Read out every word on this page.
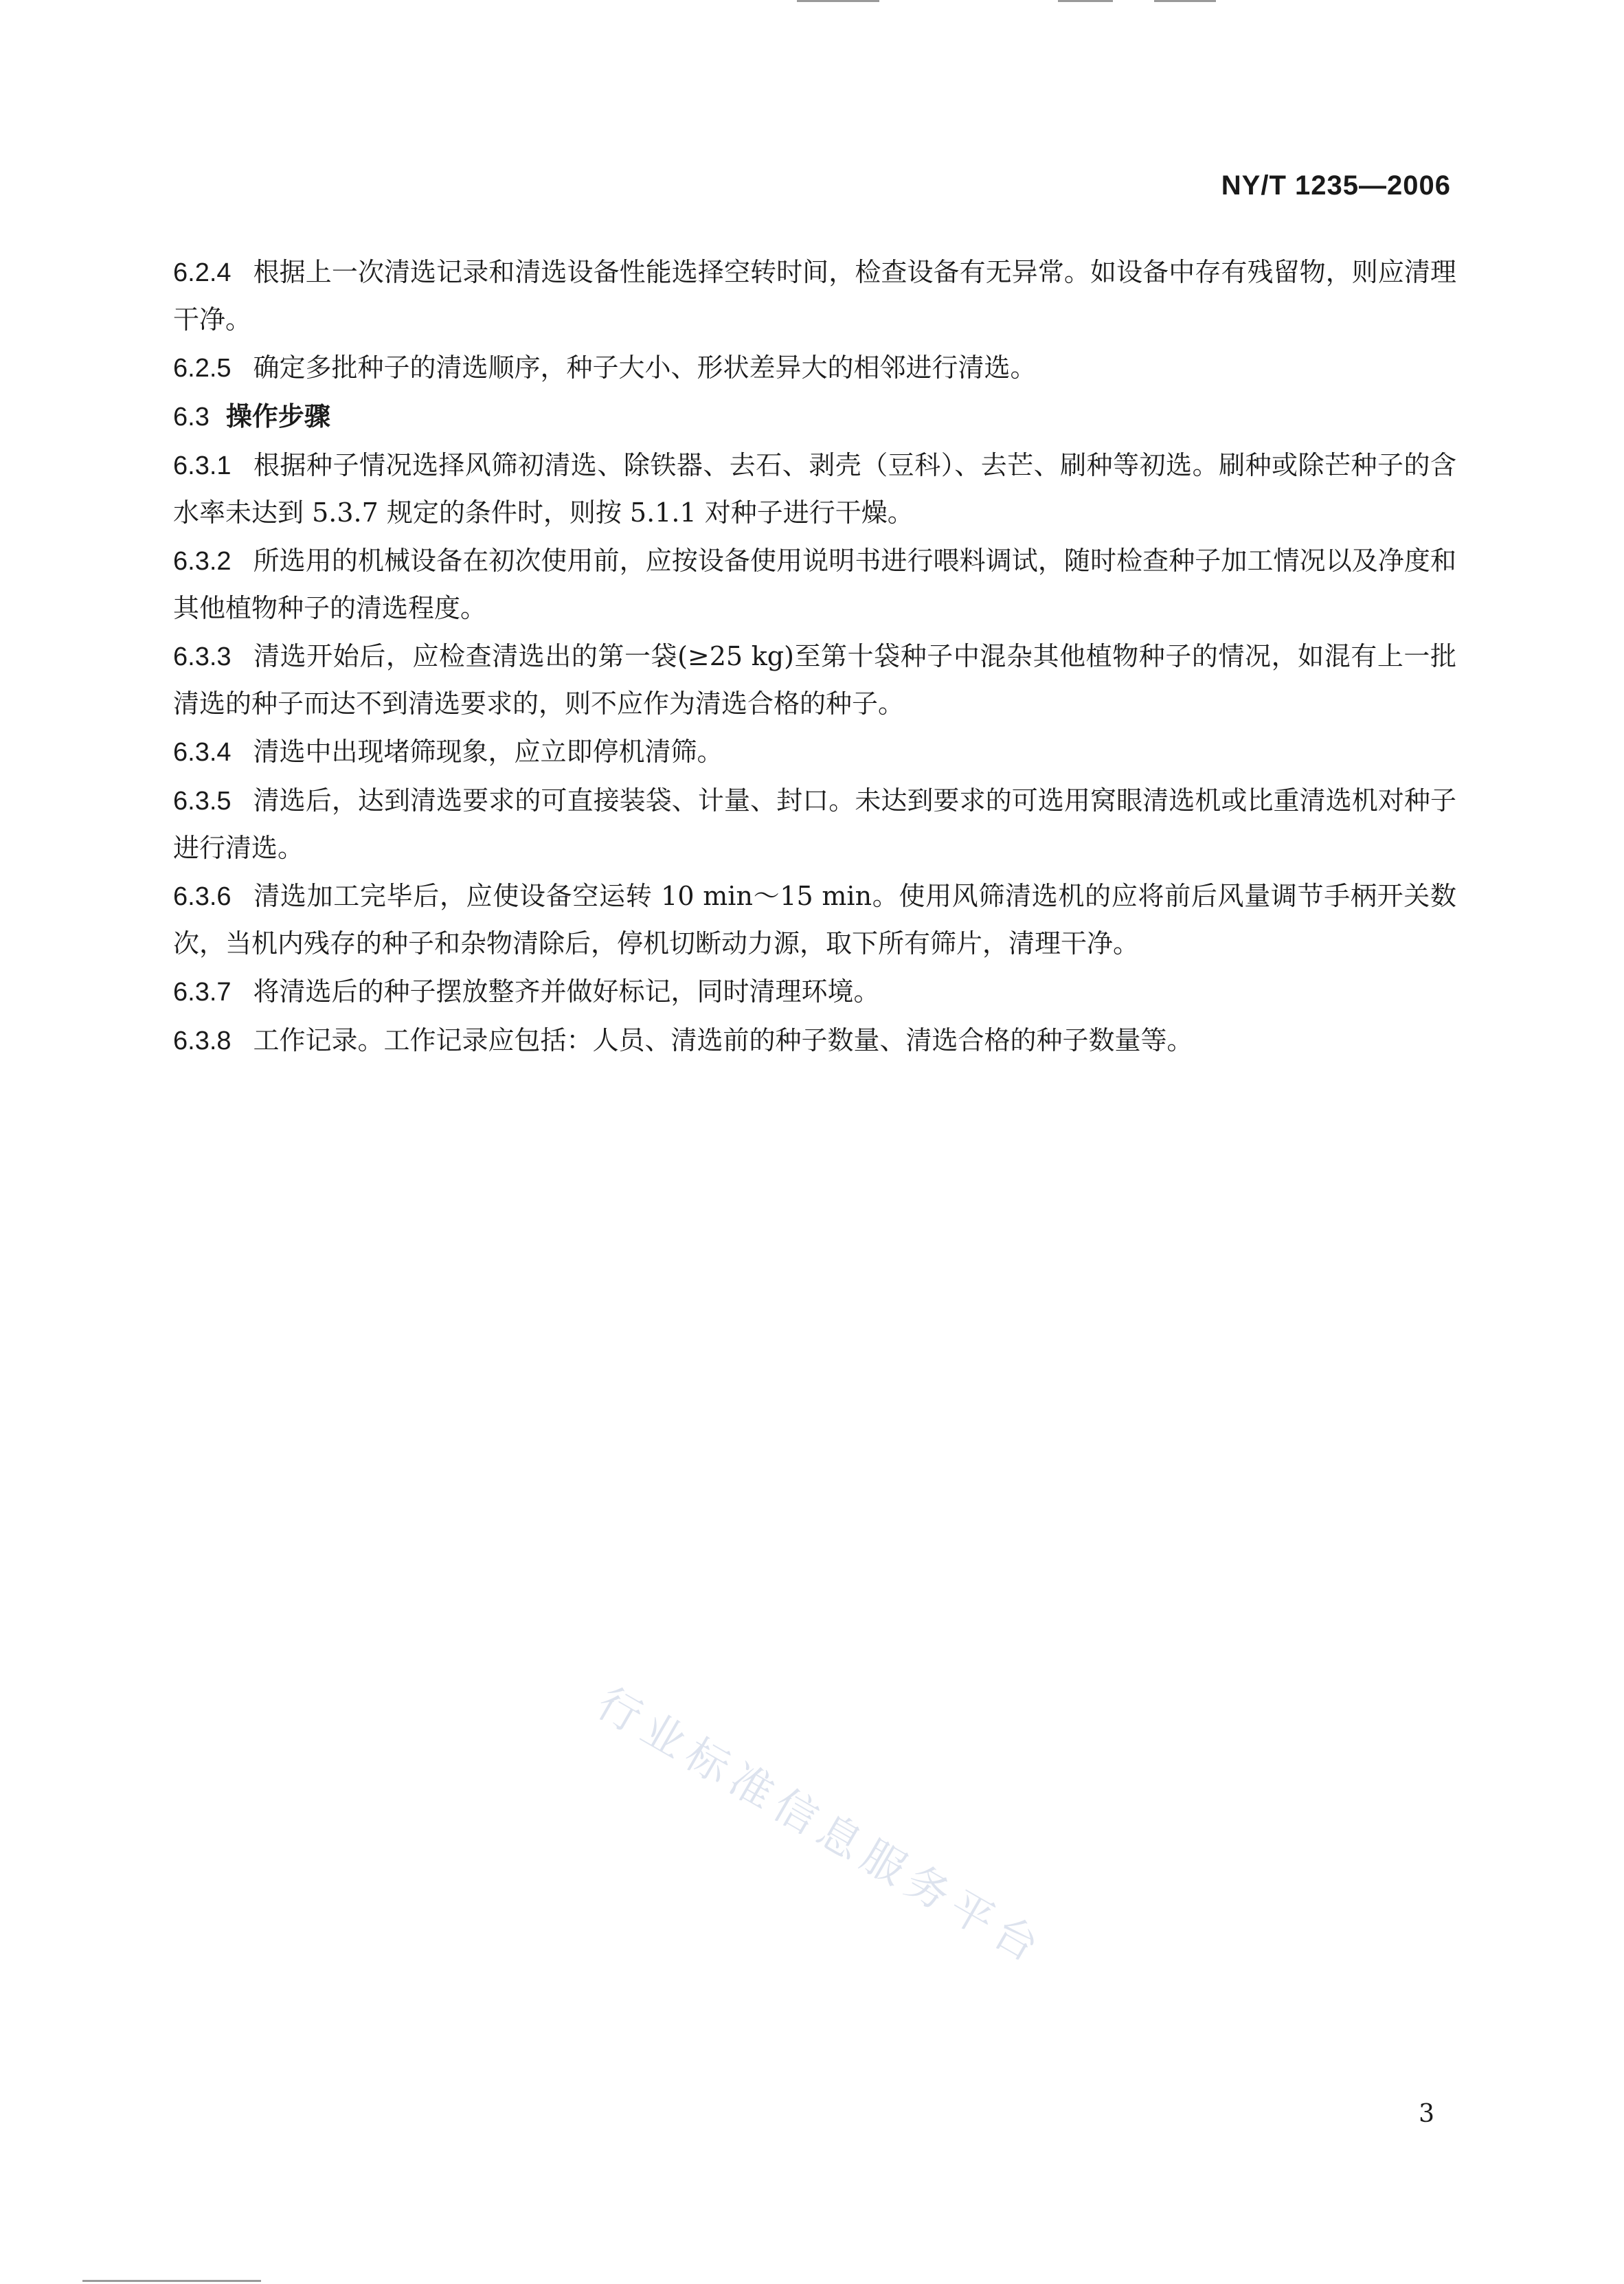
NY/T 1235—2006

6.2.4 根据上一次清选记录和清选设备性能选择空转时间，检查设备有无异常。如设备中存有残留物，则应清理干净。

6.2.5 确定多批种子的清选顺序，种子大小、形状差异大的相邻进行清选。

6.3 操作步骤

6.3.1 根据种子情况选择风筛初清选、除铁器、去石、剥壳（豆科）、去芒、刷种等初选。刷种或除芒种子的含水率未达到 5.3.7 规定的条件时，则按 5.1.1 对种子进行干燥。

6.3.2 所选用的机械设备在初次使用前，应按设备使用说明书进行喂料调试，随时检查种子加工情况以及净度和其他植物种子的清选程度。

6.3.3 清选开始后，应检查清选出的第一袋(≥25 kg)至第十袋种子中混杂其他植物种子的情况，如混有上一批清选的种子而达不到清选要求的，则不应作为清选合格的种子。

6.3.4 清选中出现堵筛现象，应立即停机清筛。

6.3.5 清选后，达到清选要求的可直接装袋、计量、封口。未达到要求的可选用窝眼清选机或比重清选机对种子进行清选。

6.3.6 清选加工完毕后，应使设备空运转 10 min～15 min。使用风筛清选机的应将前后风量调节手柄开关数次，当机内残存的种子和杂物清除后，停机切断动力源，取下所有筛片，清理干净。

6.3.7 将清选后的种子摆放整齐并做好标记，同时清理环境。

6.3.8 工作记录。工作记录应包括：人员、清选前的种子数量、清选合格的种子数量等。

行业标准信息服务平台
3
